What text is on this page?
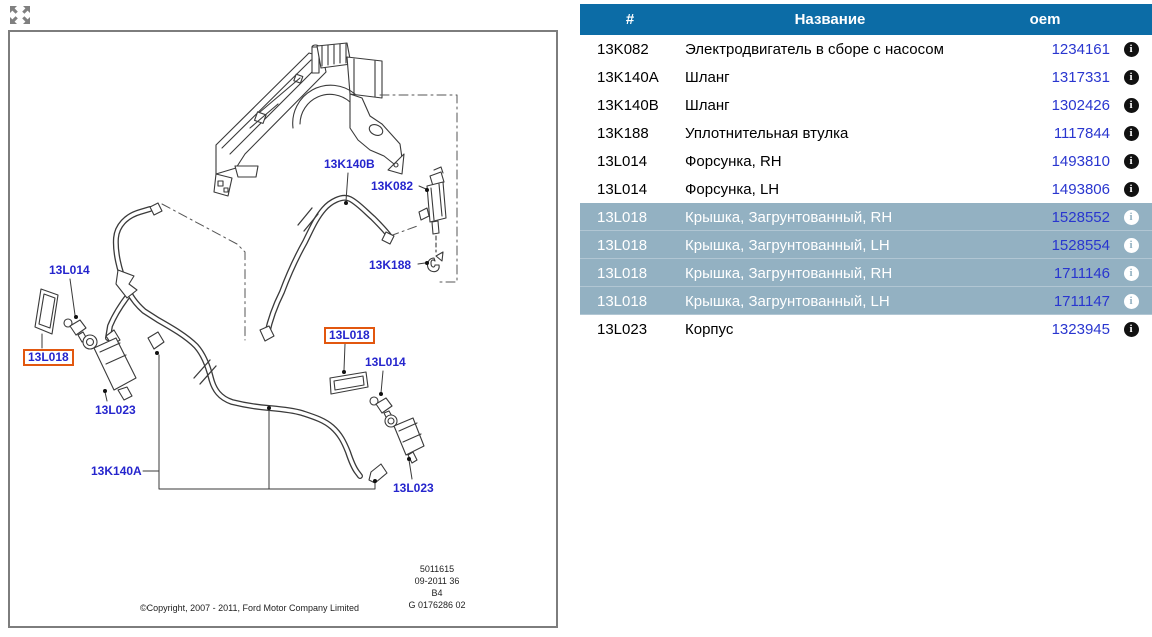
13K140B
13K082
13K188
13L014
13L018
13L023
13L018
13L014
13L023
13K140A
5011615
09-2011 36
B4
G 0176286 02
©Copyright, 2007 - 2011, Ford Motor Company Limited
#	Название	oem
13K082	Электродвигатель в сборе с насосом	1234161 i
13K140A	Шланг	1317331 i
13K140B	Шланг	1302426 i
13K188	Уплотнительная втулка	1117844 i
13L014	Форсунка, RH	1493810 i
13L014	Форсунка, LH	1493806 i
13L018	Крышка, Загрунтованный, RH	1528552 i
13L018	Крышка, Загрунтованный, LH	1528554 i
13L018	Крышка, Загрунтованный, RH	1711146 i
13L018	Крышка, Загрунтованный, LH	1711147 i
13L023	Корпус	1323945 i
